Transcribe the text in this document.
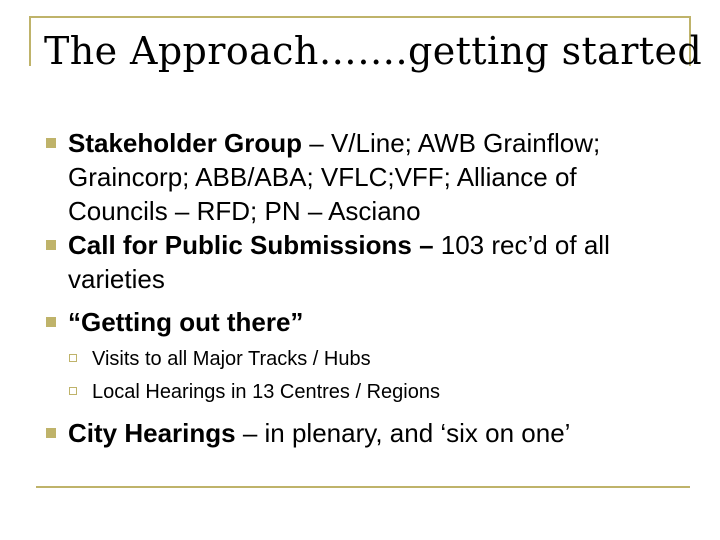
The Approach…….getting started
Stakeholder Group – V/Line; AWB Grainflow; Graincorp; ABB/ABA; VFLC;VFF; Alliance of Councils – RFD; PN – Asciano
Call for Public Submissions – 103 rec’d of all varieties
“Getting out there”
Visits to all Major Tracks / Hubs
Local Hearings in 13 Centres / Regions
City Hearings – in plenary, and ‘six on one’
